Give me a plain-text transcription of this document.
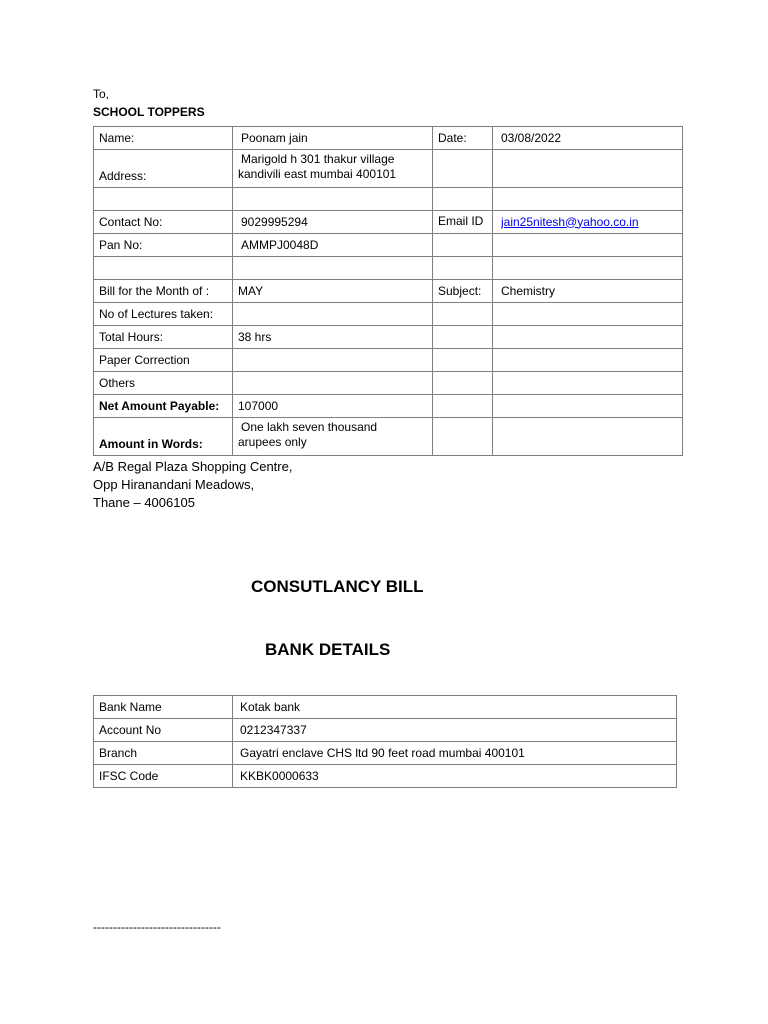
To,
SCHOOL TOPPERS
Name:	Poonam jain	Date:	03/08/2022
Address:	Marigold h 301 thakur village
kandivili east mumbai 400101		

Contact No:	9029995294	Email ID	jain25nitesh@yahoo.co.in

Pan No:	AMMPJ0048D		

Bill for the Month of :	MAY	Subject:	Chemistry
No of Lectures taken:			
Total Hours:	38 hrs		
Paper Correction			
Others			
Net Amount Payable:	107000		
Amount in Words:	One lakh seven thousand
arupees only		

A/B Regal Plaza Shopping Centre,
Opp Hiranandani Meadows,
Thane – 4006105
CONSUTLANCY BILL
BANK DETAILS
Bank Name	Kotak bank
Account No	0212347337
Branch	Gayatri enclave CHS ltd 90 feet road mumbai 400101
IFSC Code	KKBK0000633
--------------------------------
